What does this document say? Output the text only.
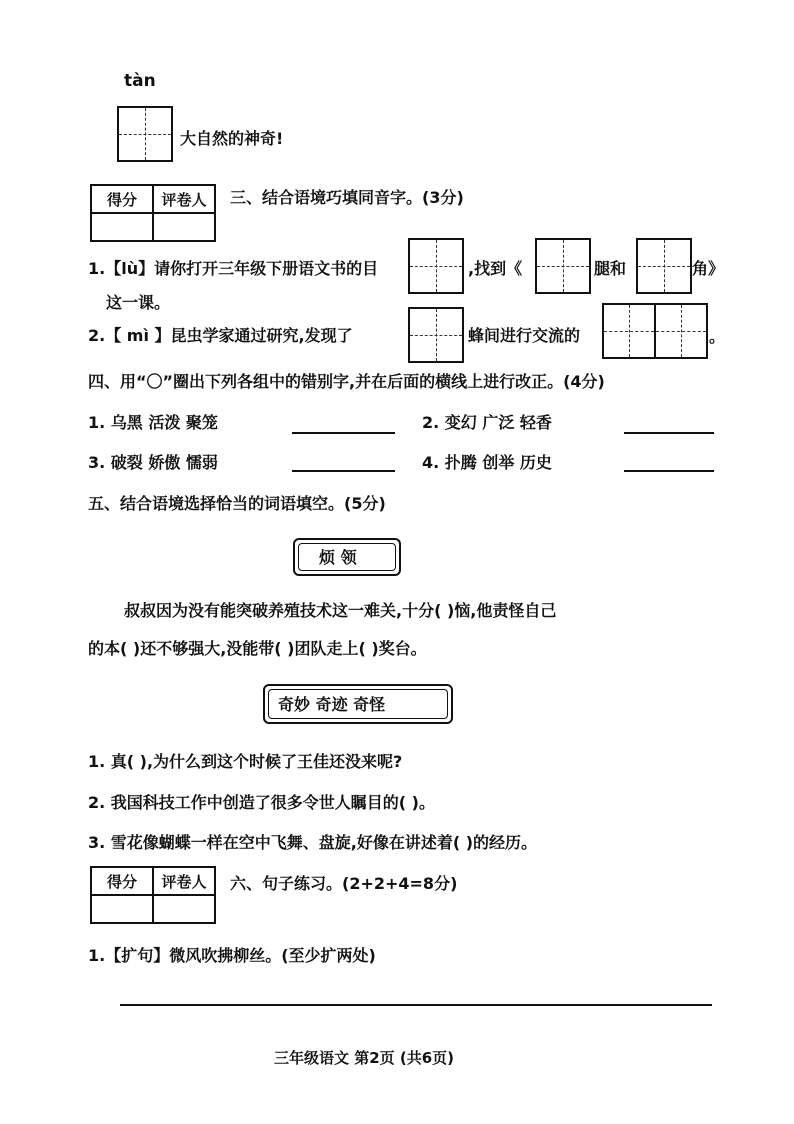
tàn
大自然的神奇!
得分	评卷人
	三、结合语境巧填同音字。(3分)
1.【lù】请你打开三年级下册语文书的目	,找到《	腿和	角》
这一课。
2.【 mì 】昆虫学家通过研究,发现了	蜂间进行交流的	。
四、用“〇”圈出下列各组中的错别字,并在后面的横线上进行改正。(4分)
1. 乌黑 活泼 聚笼	2. 变幻 广泛 轻香
3. 破裂 娇傲 懦弱	4. 扑腾 创举 历史
五、结合语境选择恰当的词语填空。(5分)
烦 领
叔叔因为没有能突破养殖技术这一难关,十分( )恼,他责怪自己
的本( )还不够强大,没能带( )团队走上( )奖台。
奇妙 奇迹 奇怪
1. 真( ),为什么到这个时候了王佳还没来呢?
2. 我国科技工作中创造了很多令世人瞩目的( )。
3. 雪花像蝴蝶一样在空中飞舞、盘旋,好像在讲述着( )的经历。
得分	评卷人
	六、句子练习。(2+2+4=8分)
1.【扩句】微风吹拂柳丝。(至少扩两处)
三年级语文 第2页 (共6页)
